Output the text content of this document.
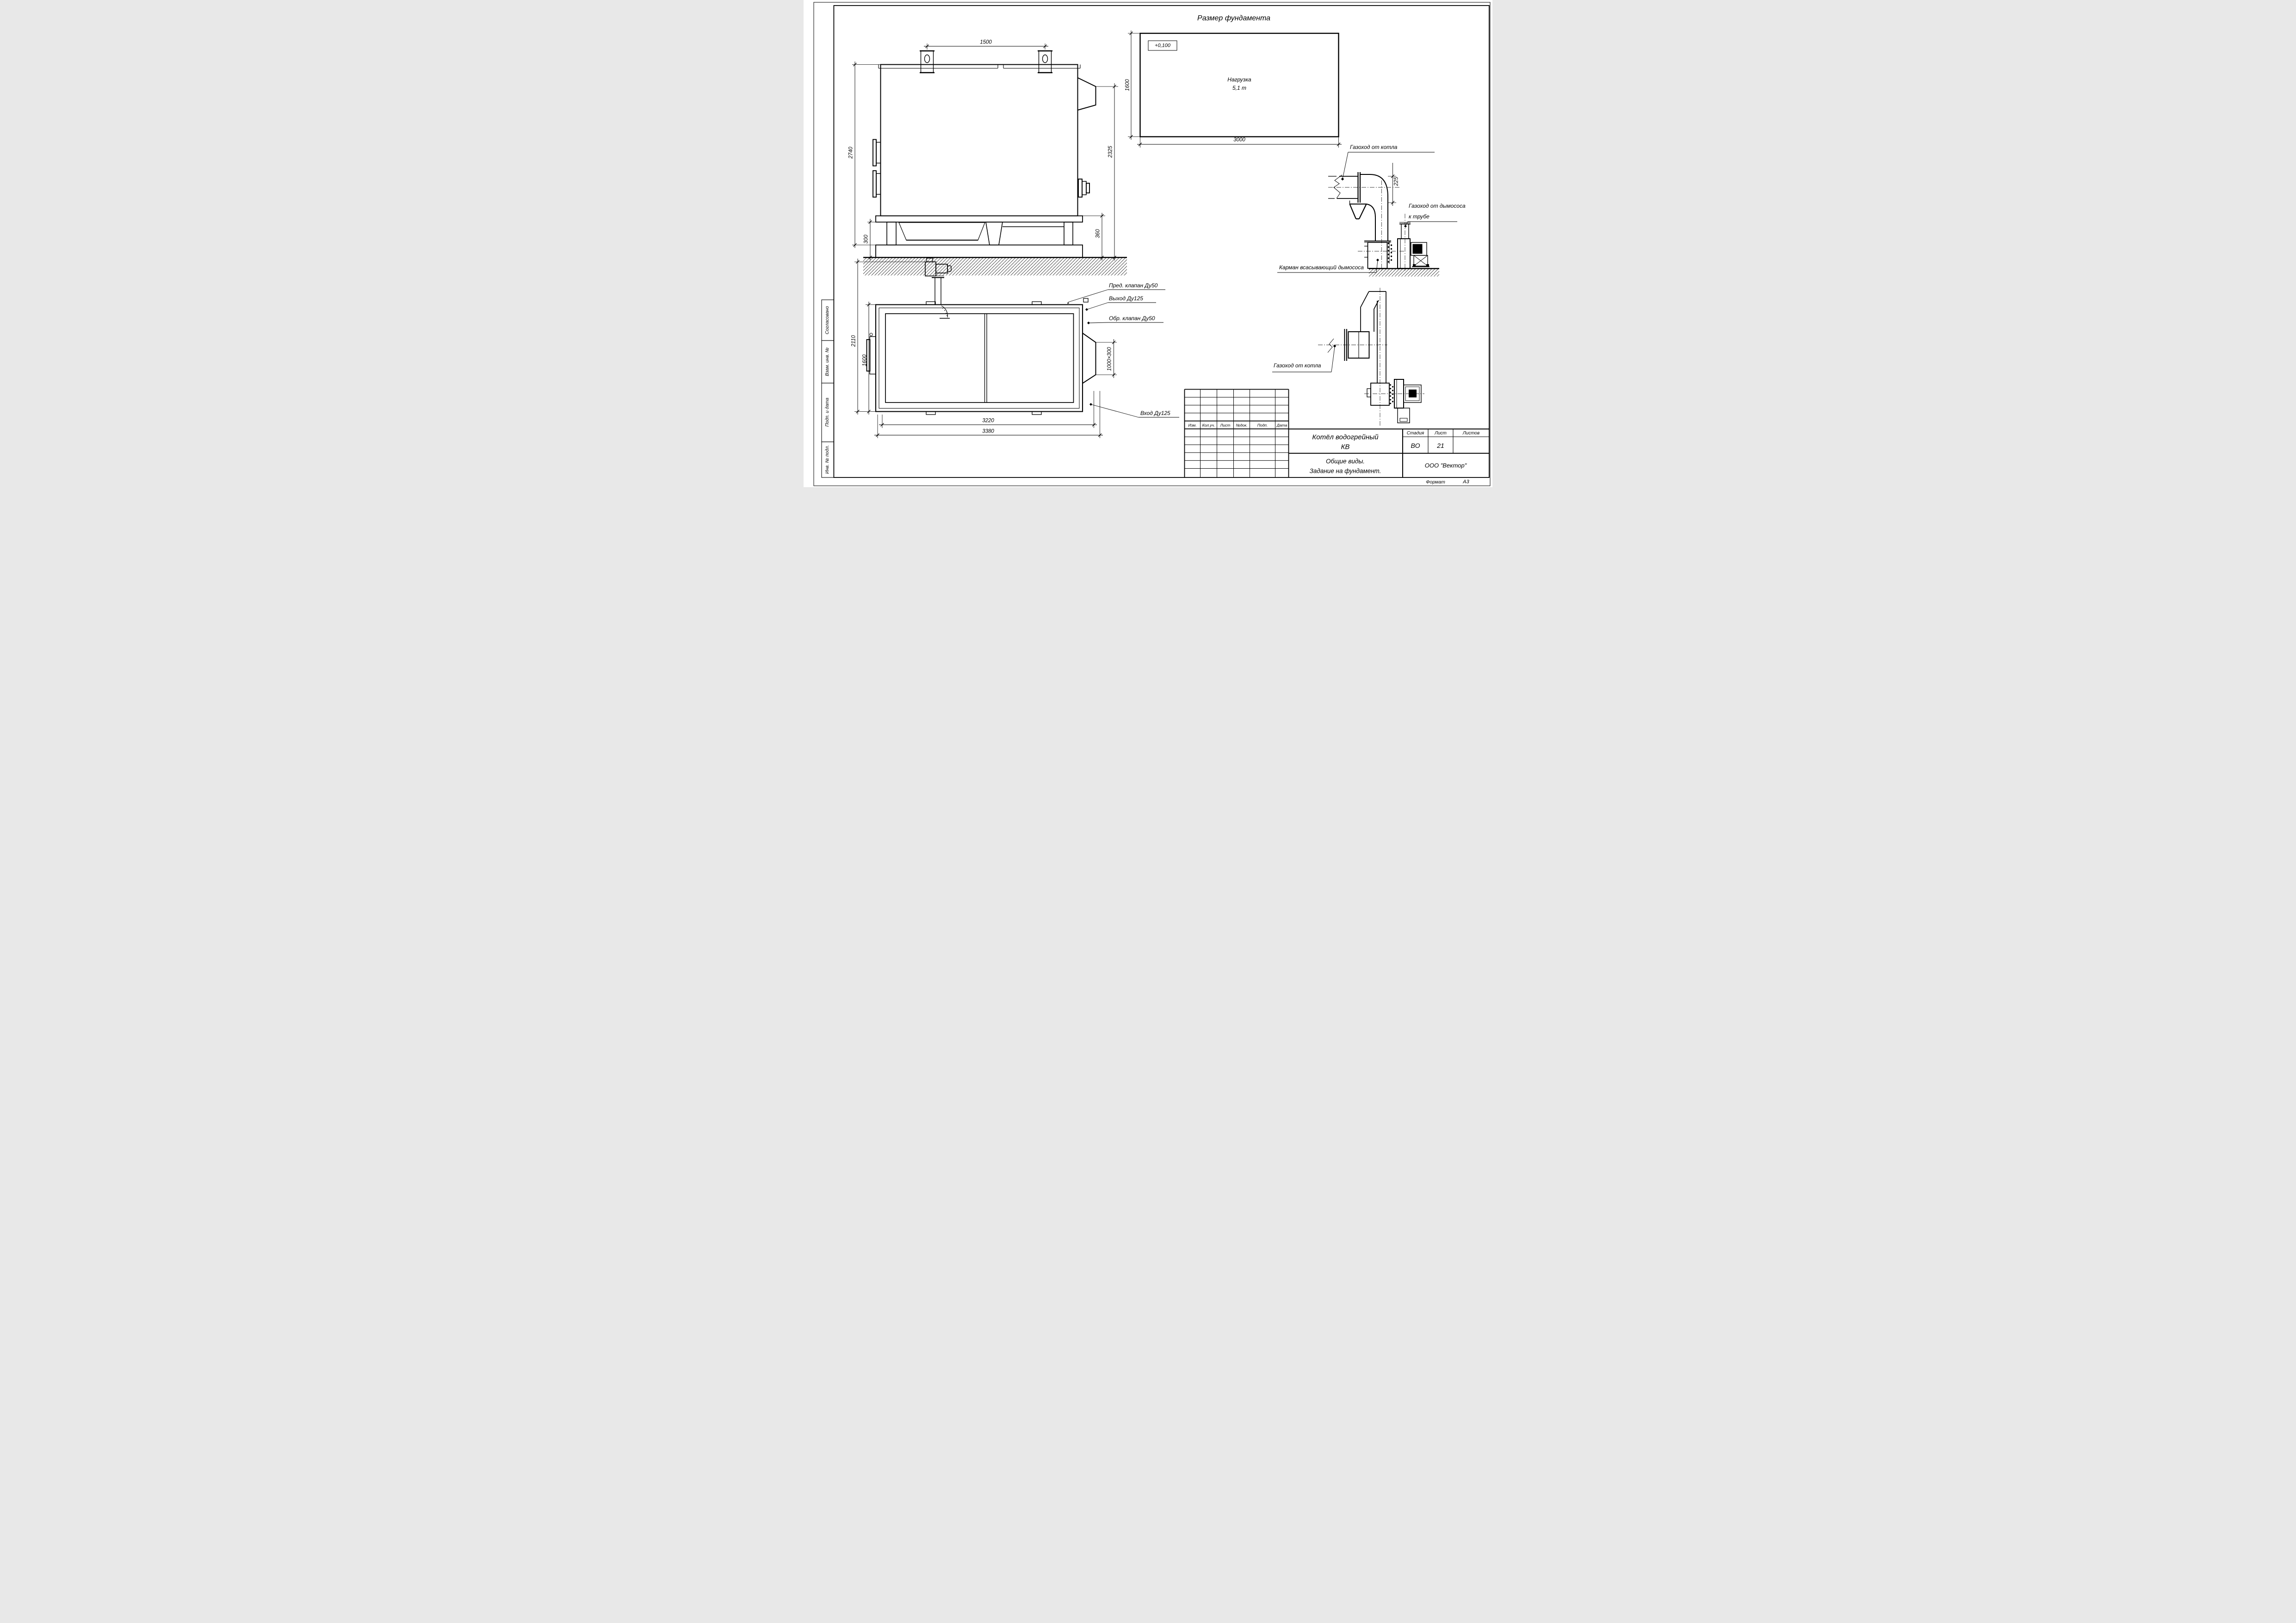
Размер фундамента
+0,100
Нагрузка
5,1 т
3000
1600
1500
2740
300
2325
360
2110
1600
3220
3380
1000×300
Пред. клапан Ду50
Выход Ду125
Обр. клапан Ду50
Вход Ду125
Газоход от котла
225
Газоход от дымососа
к трубе
Карман всасывающий дымососа
Газоход от котла
Согласовано
Взам. инв. №
Подп. и дата
Инв. № подл.
Изм. Кол.уч. Лист №док. Подп. Дата
Котёл водогрейный
КВ
Стадия Лист	Листов
ВО	21
Общие виды.
Задание на фундамент.
ООО "Вектор"
Формат	А3
